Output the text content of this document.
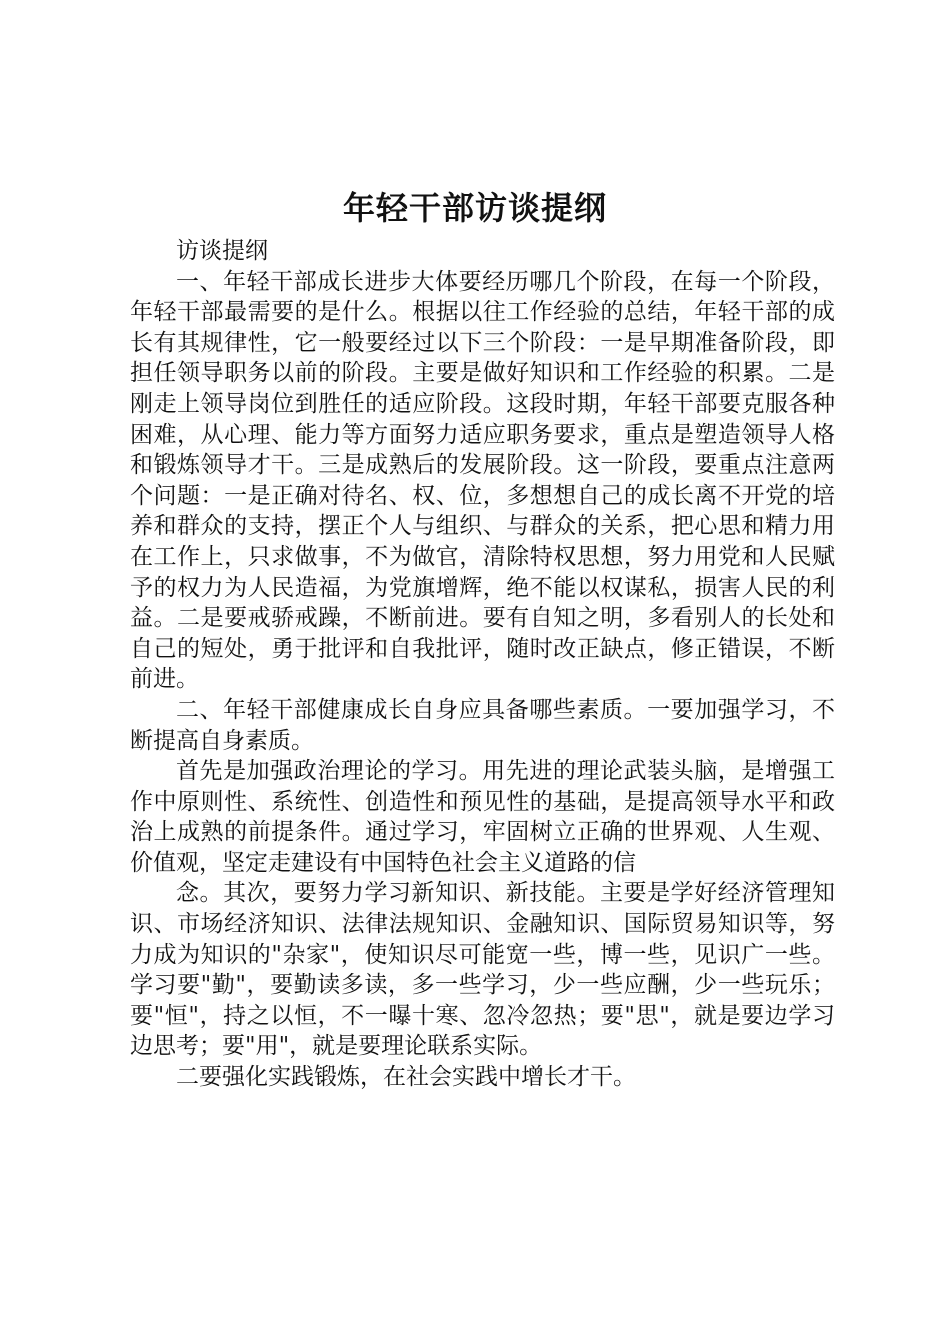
年轻干部访谈提纲

访谈提纲

一、年轻干部成长进步大体要经历哪几个阶段，在每一个阶段，年轻干部最需要的是什么。根据以往工作经验的总结，年轻干部的成长有其规律性，它一般要经过以下三个阶段：一是早期准备阶段，即担任领导职务以前的阶段。主要是做好知识和工作经验的积累。二是刚走上领导岗位到胜任的适应阶段。这段时期，年轻干部要克服各种困难，从心理、能力等方面努力适应职务要求，重点是塑造领导人格和锻炼领导才干。三是成熟后的发展阶段。这一阶段，要重点注意两个问题：一是正确对待名、权、位，多想想自己的成长离不开党的培养和群众的支持，摆正个人与组织、与群众的关系，把心思和精力用在工作上，只求做事，不为做官，清除特权思想，努力用党和人民赋予的权力为人民造福，为党旗增辉，绝不能以权谋私，损害人民的利益。二是要戒骄戒躁，不断前进。要有自知之明，多看别人的长处和自己的短处，勇于批评和自我批评，随时改正缺点，修正错误，不断前进。

二、年轻干部健康成长自身应具备哪些素质。一要加强学习，不断提高自身素质。

首先是加强政治理论的学习。用先进的理论武装头脑，是增强工作中原则性、系统性、创造性和预见性的基础，是提高领导水平和政治上成熟的前提条件。通过学习，牢固树立正确的世界观、人生观、价值观，坚定走建设有中国特色社会主义道路的信

念。其次，要努力学习新知识、新技能。主要是学好经济管理知识、市场经济知识、法律法规知识、金融知识、国际贸易知识等，努力成为知识的"杂家"，使知识尽可能宽一些，博一些，见识广一些。学习要"勤"，要勤读多读，多一些学习，少一些应酬，少一些玩乐；要"恒"，持之以恒，不一曝十寒、忽冷忽热；要"思"，就是要边学习边思考；要"用"，就是要理论联系实际。

二要强化实践锻炼，在社会实践中增长才干。
